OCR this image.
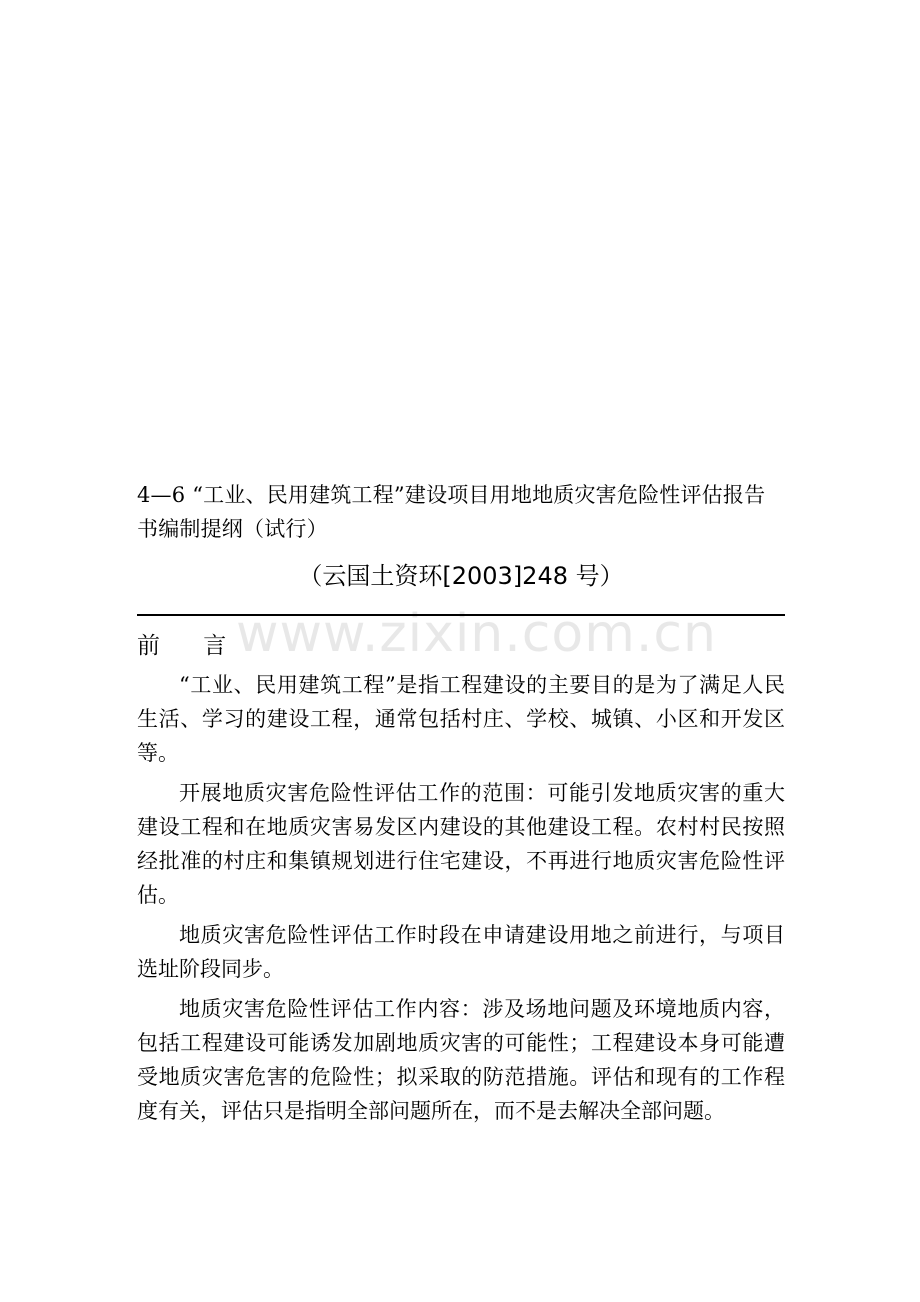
www.zixin.com.cn

4—6 “工业、民用建筑工程”建设项目用地地质灾害危险性评估报告书编制提纲（试行）

（云国土资环[2003]248 号）

前 言

“工业、民用建筑工程”是指工程建设的主要目的是为了满足人民生活、学习的建设工程，通常包括村庄、学校、城镇、小区和开发区等。

开展地质灾害危险性评估工作的范围：可能引发地质灾害的重大建设工程和在地质灾害易发区内建设的其他建设工程。农村村民按照经批准的村庄和集镇规划进行住宅建设，不再进行地质灾害危险性评估。

地质灾害危险性评估工作时段在申请建设用地之前进行，与项目选址阶段同步。

地质灾害危险性评估工作内容：涉及场地问题及环境地质内容，包括工程建设可能诱发加剧地质灾害的可能性；工程建设本身可能遭受地质灾害危害的危险性；拟采取的防范措施。评估和现有的工作程度有关，评估只是指明全部问题所在，而不是去解决全部问题。
